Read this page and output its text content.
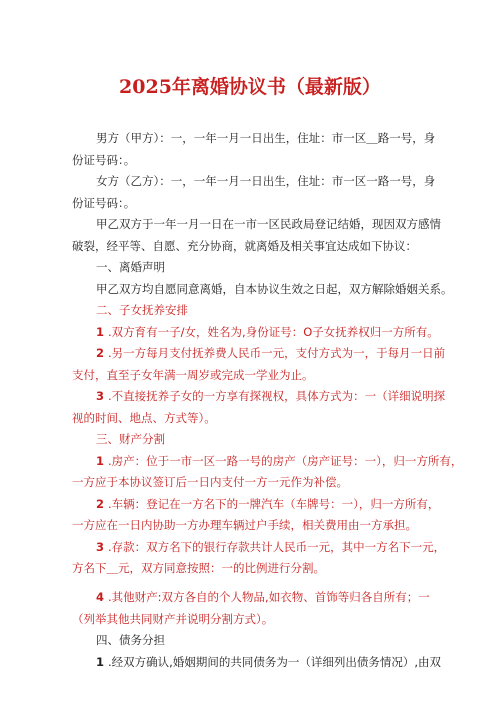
2025年离婚协议书（最新版）
男方（甲方）：一，一年一月一日出生，住址：市一区＿路一号，身
份证号码：。
女方（乙方）：一，一年一月一日出生，住址：市一区一路一号，身
份证号码：。
甲乙双方于一年一月一日在一市一区民政局登记结婚，现因双方感情
破裂，经平等、自愿、充分协商，就离婚及相关事宜达成如下协议：
一、离婚声明
甲乙双方均自愿同意离婚，自本协议生效之日起，双方解除婚姻关系。
二、子女抚养安排
1 .双方育有一子/女，姓名为,身份证号：O子女抚养权归一方所有。
2 .另一方每月支付抚养费人民币一元，支付方式为一，于每月一日前
支付，直至子女年满一周岁或完成一学业为止。
3 .不直接抚养子女的一方享有探视权，具体方式为：一（详细说明探
视的时间、地点、方式等）。
三、财产分割
1 .房产：位于一市一区一路一号的房产（房产证号：一），归一方所有，
一方应于本协议签订后一日内支付一方一元作为补偿。
2 .车辆：登记在一方名下的一牌汽车（车牌号：一），归一方所有，
一方应在一日内协助一方办理车辆过户手续，相关费用由一方承担。
3 .存款：双方名下的银行存款共计人民币一元，其中一方名下一元，
方名下＿元，双方同意按照：一的比例进行分割。
4 .其他财产:双方各自的个人物品,如衣物、首饰等归各自所有；一
（列举其他共同财产并说明分割方式）。
四、债务分担
1 .经双方确认,婚姻期间的共同债务为一（详细列出债务情况）,由双
